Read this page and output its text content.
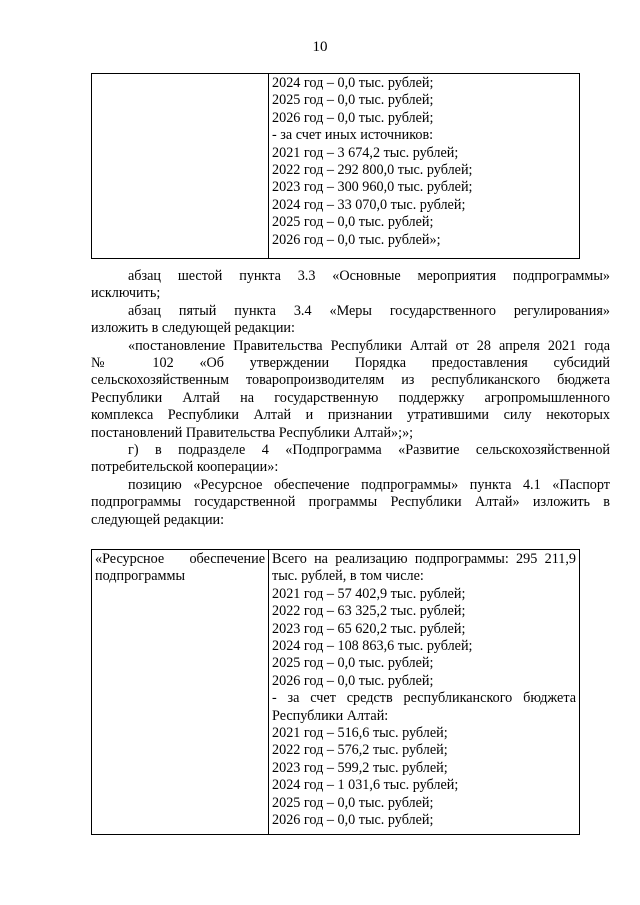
10

2024 год – 0,0 тыс. рублей;
2025 год – 0,0 тыс. рублей;
2026 год – 0,0 тыс. рублей;
- за счет иных источников:
2021 год – 3 674,2 тыс. рублей;
2022 год – 292 800,0 тыс. рублей;
2023 год – 300 960,0 тыс. рублей;
2024 год – 33 070,0 тыс. рублей;
2025 год – 0,0 тыс. рублей;
2026 год – 0,0 тыс. рублей»;

абзац шестой пункта 3.3 «Основные мероприятия подпрограммы»

исключить;

абзац пятый пункта 3.4 «Меры государственного регулирования»

изложить в следующей редакции:

«постановление Правительства Республики Алтай от 28 апреля 2021 года

№ 102 «Об утверждении Порядка предоставления субсидий

сельскохозяйственным товаропроизводителям из республиканского бюджета

Республики Алтай на государственную поддержку агропромышленного

комплекса Республики Алтай и признании утратившими силу некоторых

постановлений Правительства Республики Алтай»;»;

г) в подразделе 4 «Подпрограмма «Развитие сельскохозяйственной

потребительской кооперации»:

позицию «Ресурсное обеспечение подпрограммы» пункта 4.1 «Паспорт

подпрограммы государственной программы Республики Алтай» изложить в

следующей редакции:

«Ресурсное обеспечение
подпрограммы

Всего на реализацию подпрограммы: 295 211,9
тыс. рублей, в том числе:
2021 год – 57 402,9 тыс. рублей;
2022 год – 63 325,2 тыс. рублей;
2023 год – 65 620,2 тыс. рублей;
2024 год – 108 863,6 тыс. рублей;
2025 год – 0,0 тыс. рублей;
2026 год – 0,0 тыс. рублей;
- за счет средств республиканского бюджета
Республики Алтай:
2021 год – 516,6 тыс. рублей;
2022 год – 576,2 тыс. рублей;
2023 год – 599,2 тыс. рублей;
2024 год – 1 031,6 тыс. рублей;
2025 год – 0,0 тыс. рублей;
2026 год – 0,0 тыс. рублей;
